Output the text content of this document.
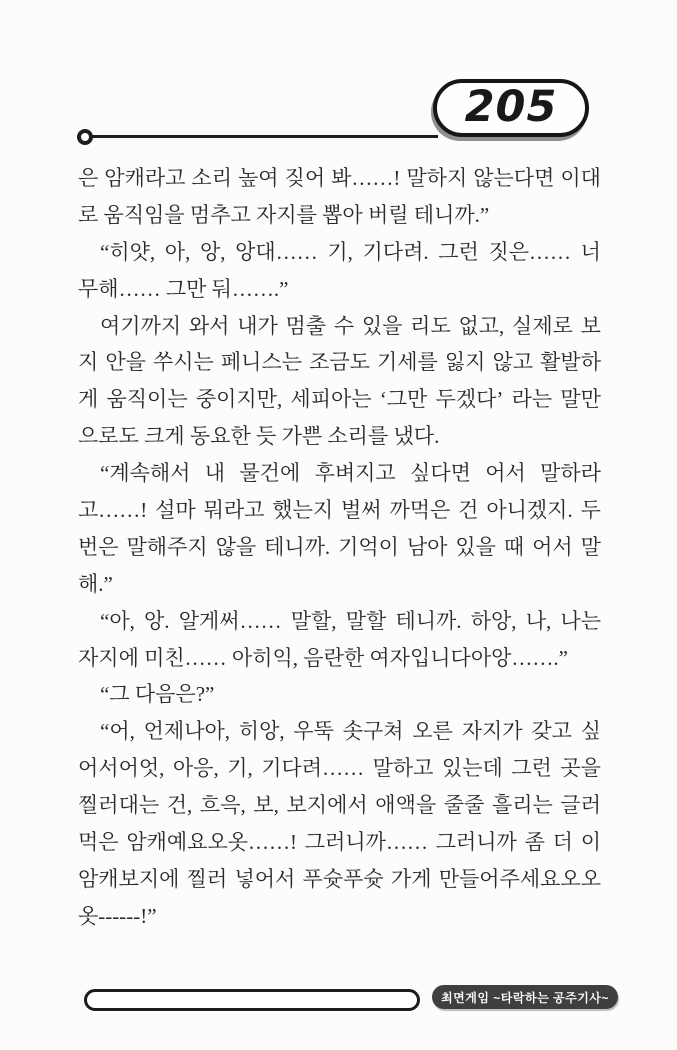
205
은 암캐라고 소리 높여 짖어 봐……! 말하지 않는다면 이대
로 움직임을 멈추고 자지를 뽑아 버릴 테니까.”
“히얏, 아, 앙, 앙대…… 기, 기다려. 그런 짓은…… 너
무해…… 그만 둬…….”
여기까지 와서 내가 멈출 수 있을 리도 없고, 실제로 보
지 안을 쑤시는 페니스는 조금도 기세를 잃지 않고 활발하
게 움직이는 중이지만, 세피아는 ‘그만 두겠다’ 라는 말만
으로도 크게 동요한 듯 가쁜 소리를 냈다.
“계속해서 내 물건에 후벼지고 싶다면 어서 말하라
고……! 설마 뭐라고 했는지 벌써 까먹은 건 아니겠지. 두
번은 말해주지 않을 테니까. 기억이 남아 있을 때 어서 말
해.”
“아, 앙. 알게써…… 말할, 말할 테니까. 하앙, 나, 나는
자지에 미친…… 아히익, 음란한 여자입니다아앙…….”
“그 다음은?”
“어, 언제나아, 히앙, 우뚝 솟구쳐 오른 자지가 갖고 싶
어서어엇, 아응, 기, 기다려…… 말하고 있는데 그런 곳을
찔러대는 건, 흐윽, 보, 보지에서 애액을 줄줄 흘리는 글러
먹은 암캐예요오옷……! 그러니까…… 그러니까 좀 더 이
암캐보지에 찔러 넣어서 푸슛푸슛 가게 만들어주세요오오
옷------!”
최면게임 ~타락하는 공주기사~
